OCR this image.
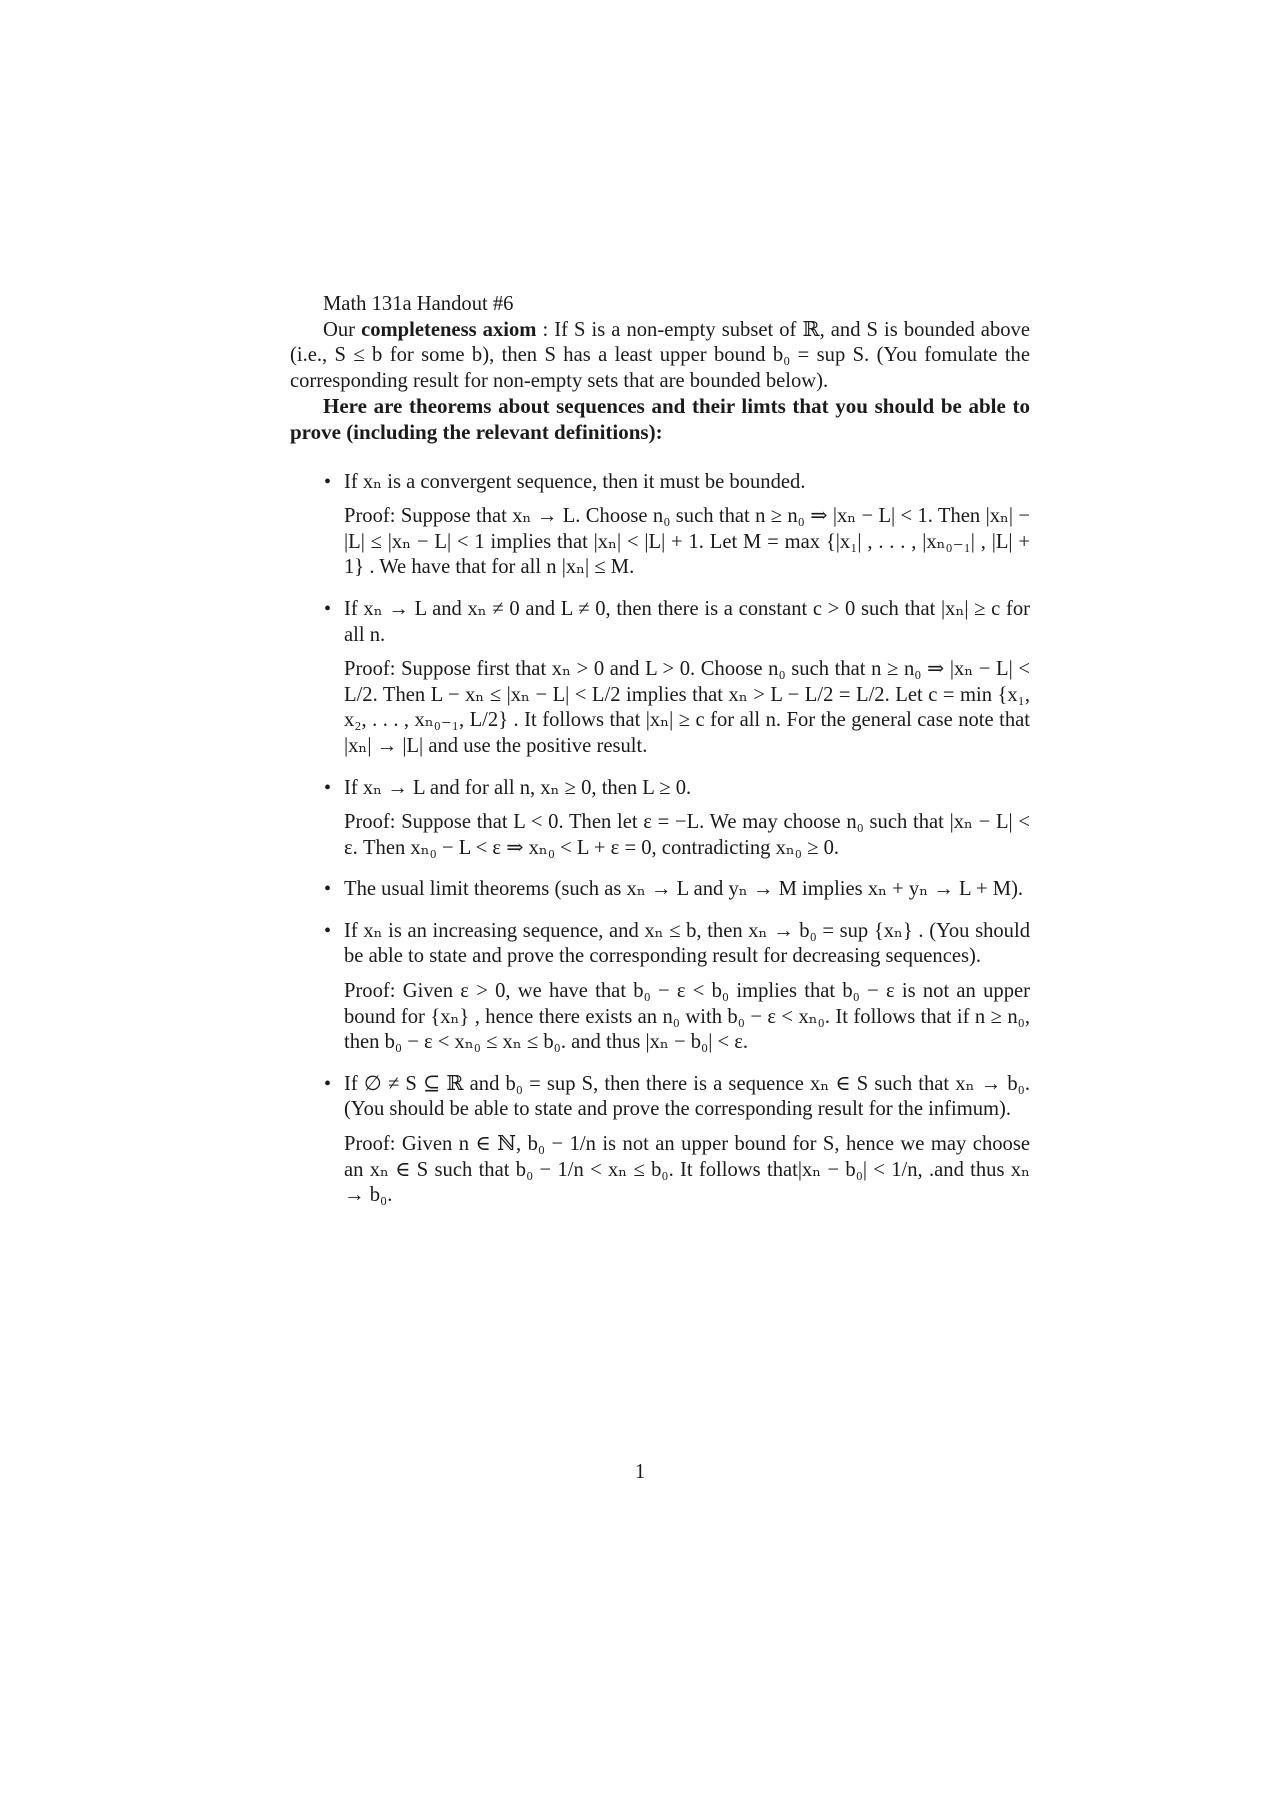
Math 131a Handout #6

Our completeness axiom : If S is a non-empty subset of ℝ, and S is bounded above (i.e., S ≤ b for some b), then S has a least upper bound b₀ = sup S. (You fomulate the corresponding result for non-empty sets that are bounded below).

Here are theorems about sequences and their limts that you should be able to prove (including the relevant definitions):

• If xₙ is a convergent sequence, then it must be bounded.

Proof: Suppose that xₙ → L. Choose n₀ such that n ≥ n₀ ⇒ |xₙ − L| < 1. Then |xₙ| − |L| ≤ |xₙ − L| < 1 implies that |xₙ| < |L| + 1. Let M = max {|x₁| , . . . , |xₙ₀₋₁| , |L| + 1} . We have that for all n |xₙ| ≤ M.

• If xₙ → L and xₙ ≠ 0 and L ≠ 0, then there is a constant c > 0 such that |xₙ| ≥ c for all n.

Proof: Suppose first that xₙ > 0 and L > 0. Choose n₀ such that n ≥ n₀ ⇒ |xₙ − L| < L/2. Then L − xₙ ≤ |xₙ − L| < L/2 implies that xₙ > L − L/2 = L/2. Let c = min {x₁, x₂, . . . , xₙ₀₋₁, L/2} . It follows that |xₙ| ≥ c for all n. For the general case note that |xₙ| → |L| and use the positive result.

• If xₙ → L and for all n, xₙ ≥ 0, then L ≥ 0.

Proof: Suppose that L < 0. Then let ε = −L. We may choose n₀ such that |xₙ − L| < ε. Then xₙ₀ − L < ε ⇒ xₙ₀ < L + ε = 0, contradicting xₙ₀ ≥ 0.

• The usual limit theorems (such as xₙ → L and yₙ → M implies xₙ + yₙ → L + M).

• If xₙ is an increasing sequence, and xₙ ≤ b, then xₙ → b₀ = sup {xₙ} . (You should be able to state and prove the corresponding result for decreasing sequences).

Proof: Given ε > 0, we have that b₀ − ε < b₀ implies that b₀ − ε is not an upper bound for {xₙ} , hence there exists an n₀ with b₀ − ε < xₙ₀. It follows that if n ≥ n₀, then b₀ − ε < xₙ₀ ≤ xₙ ≤ b₀. and thus |xₙ − b₀| < ε.

• If ∅ ≠ S ⊆ ℝ and b₀ = sup S, then there is a sequence xₙ ∈ S such that xₙ → b₀. (You should be able to state and prove the corresponding result for the infimum).

Proof: Given n ∈ ℕ, b₀ − 1/n is not an upper bound for S, hence we may choose an xₙ ∈ S such that b₀ − 1/n < xₙ ≤ b₀. It follows that|xₙ − b₀| < 1/n, .and thus xₙ → b₀.

1
